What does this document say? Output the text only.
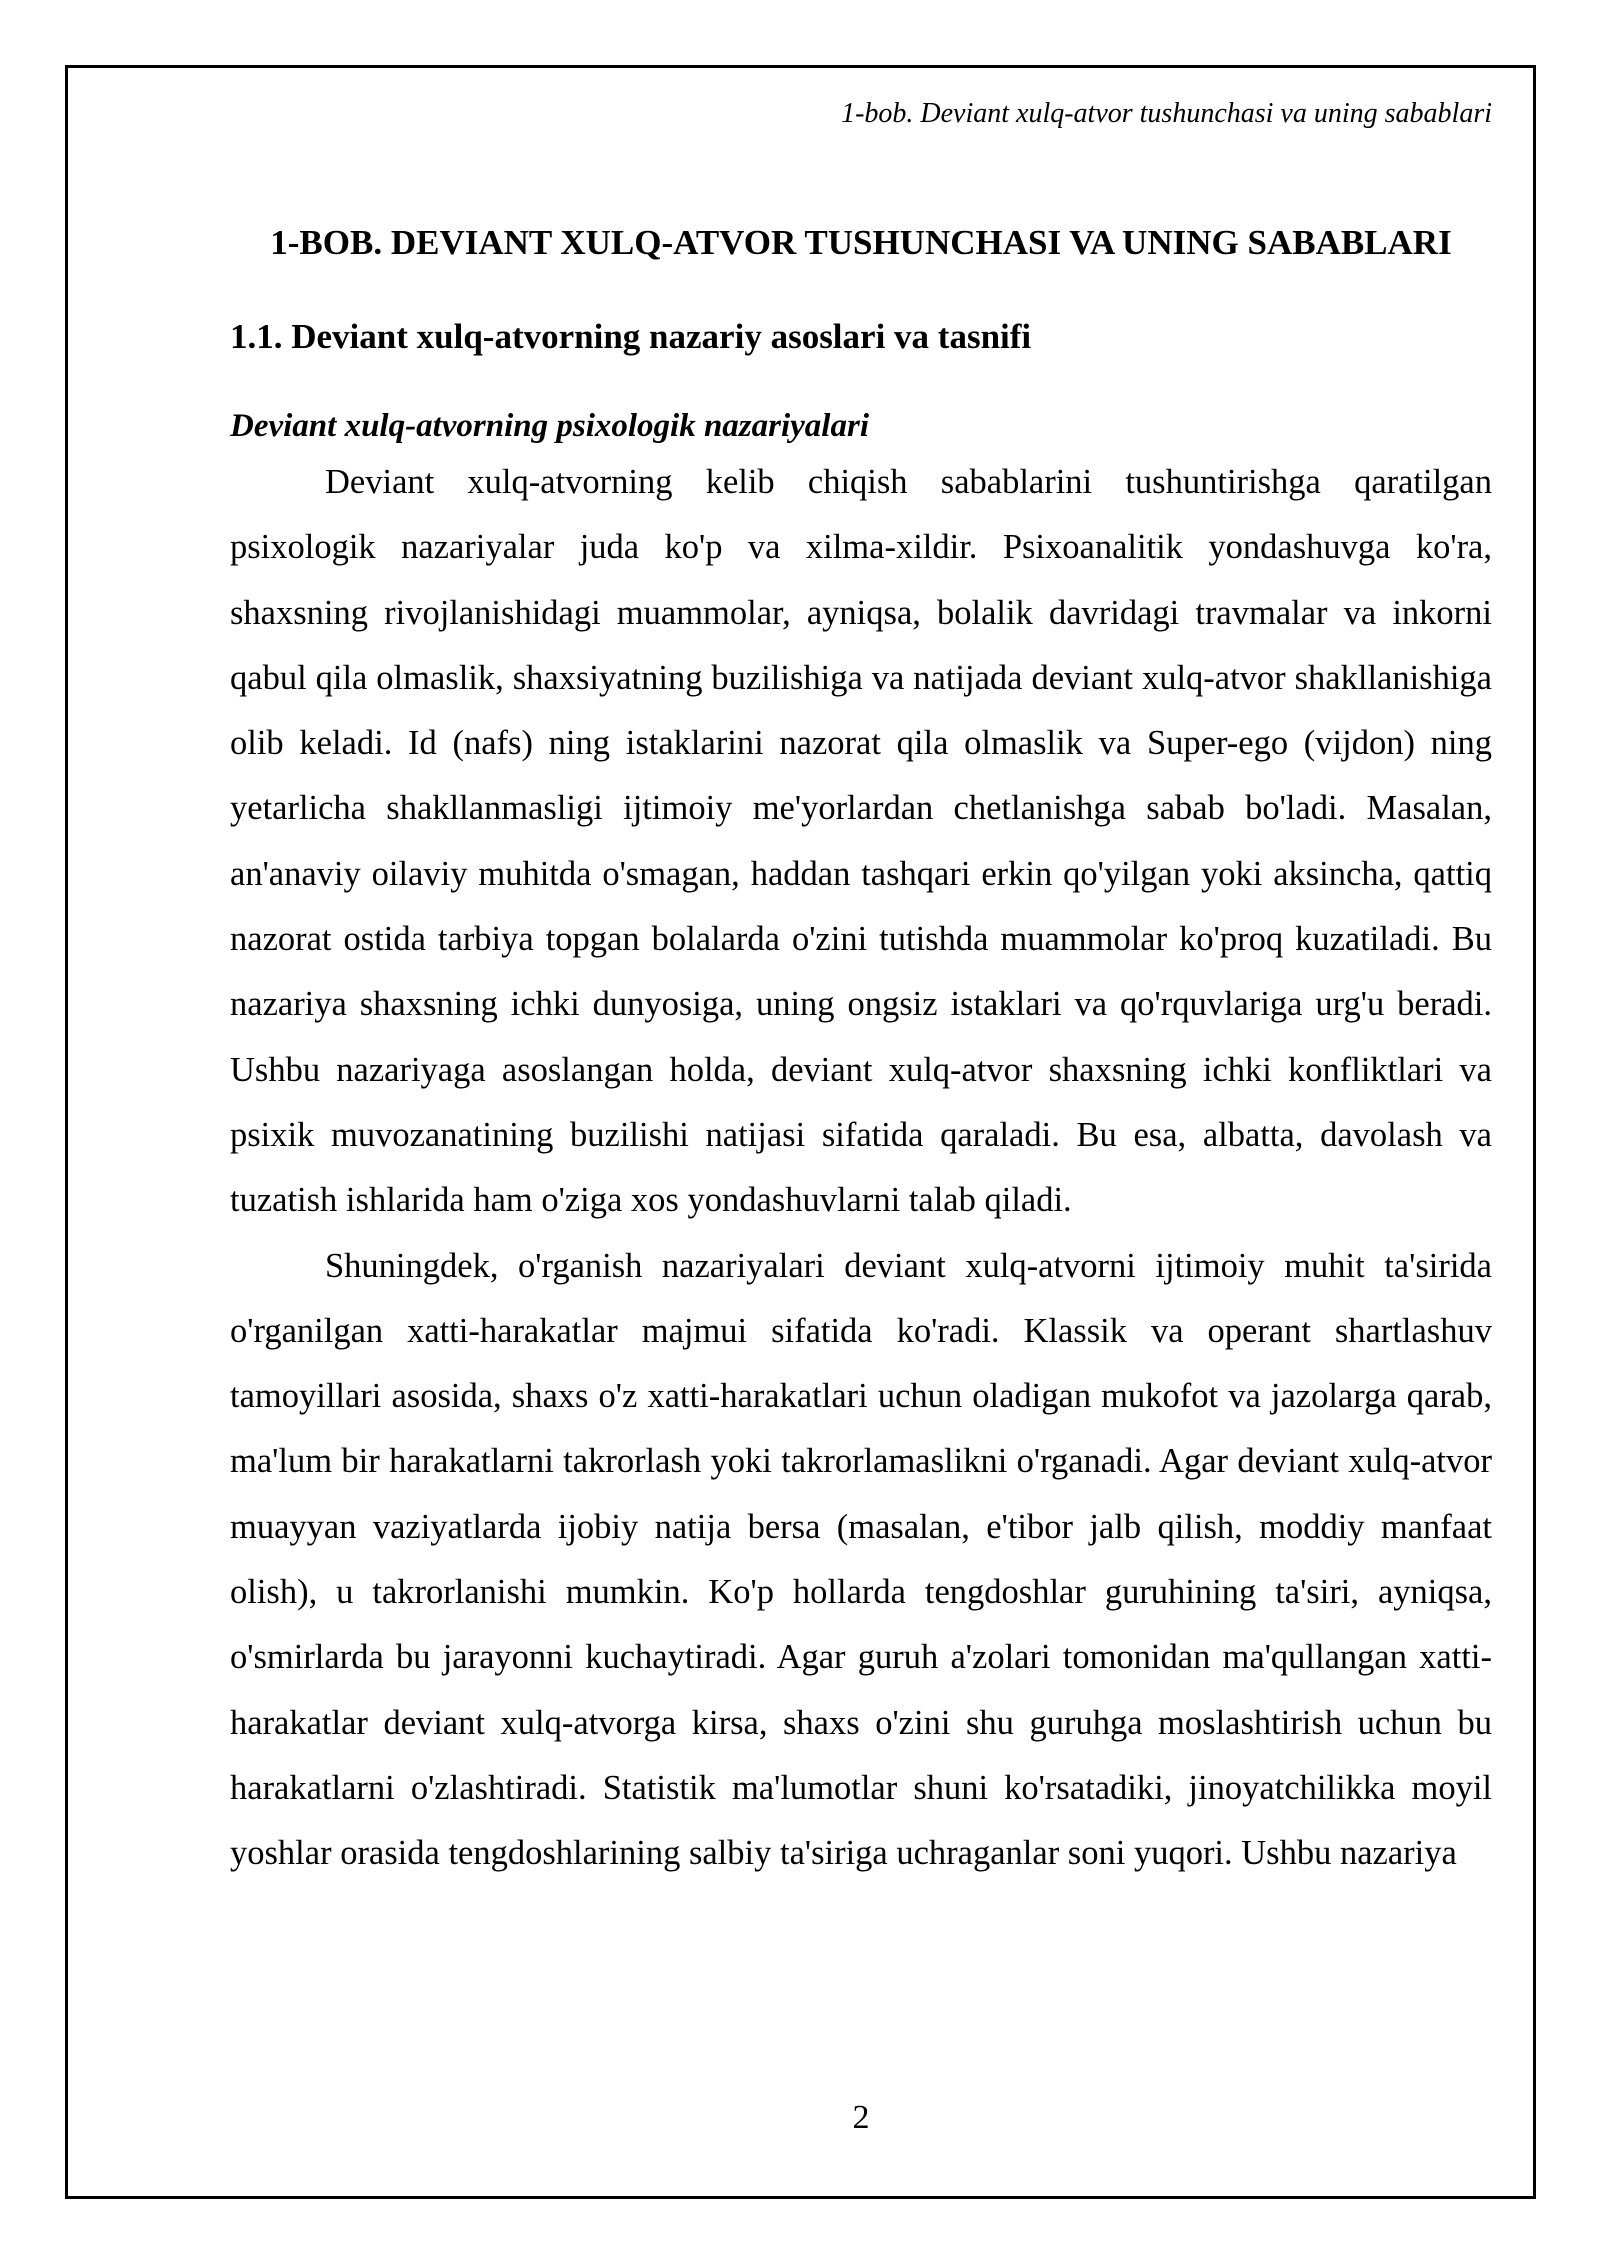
1-bob. Deviant xulq-atvor tushunchasi va uning sabablari
1-BOB. DEVIANT XULQ-ATVOR TUSHUNCHASI VA UNING SABABLARI
1.1. Deviant xulq-atvorning nazariy asoslari va tasnifi
Deviant xulq-atvorning psixologik nazariyalari

Deviant xulq-atvorning kelib chiqish sabablarini tushuntirishga qaratilgan psixologik nazariyalar juda ko'p va xilma-xildir. Psixoanalitik yondashuvga ko'ra, shaxsning rivojlanishidagi muammolar, ayniqsa, bolalik davridagi travmalar va inkorni qabul qila olmaslik, shaxsiyatning buzilishiga va natijada deviant xulq-atvor shakllanishiga olib keladi. Id (nafs) ning istaklarini nazorat qila olmaslik va Super-ego (vijdon) ning yetarlicha shakllanmasligi ijtimoiy me'yorlardan chetlanishga sabab bo'ladi. Masalan, an'anaviy oilaviy muhitda o'smagan, haddan tashqari erkin qo'yilgan yoki aksincha, qattiq nazorat ostida tarbiya topgan bolalarda o'zini tutishda muammolar ko'proq kuzatiladi. Bu nazariya shaxsning ichki dunyosiga, uning ongsiz istaklari va qo'rquvlariga urg'u beradi. Ushbu nazariyaga asoslangan holda, deviant xulq-atvor shaxsning ichki konfliktlari va psixik muvozanatining buzilishi natijasi sifatida qaraladi. Bu esa, albatta, davolash va tuzatish ishlarida ham o'ziga xos yondashuvlarni talab qiladi.

Shuningdek, o'rganish nazariyalari deviant xulq-atvorni ijtimoiy muhit ta'sirida o'rganilgan xatti-harakatlar majmui sifatida ko'radi. Klassik va operant shartlashuv tamoyillari asosida, shaxs o'z xatti-harakatlari uchun oladigan mukofot va jazolarga qarab, ma'lum bir harakatlarni takrorlash yoki takrorlamaslikni o'rganadi. Agar deviant xulq-atvor muayyan vaziyatlarda ijobiy natija bersa (masalan, e'tibor jalb qilish, moddiy manfaat olish), u takrorlanishi mumkin. Ko'p hollarda tengdoshlar guruhining ta'siri, ayniqsa, o'smirlarda bu jarayonni kuchaytiradi. Agar guruh a'zolari tomonidan ma'qullangan xatti-harakatlar deviant xulq-atvorga kirsa, shaxs o'zini shu guruhga moslashtirish uchun bu harakatlarni o'zlashtiradi. Statistik ma'lumotlar shuni ko'rsatadiki, jinoyatchilikka moyil yoshlar orasida tengdoshlarining salbiy ta'siriga uchraganlar soni yuqori. Ushbu nazariya

2
